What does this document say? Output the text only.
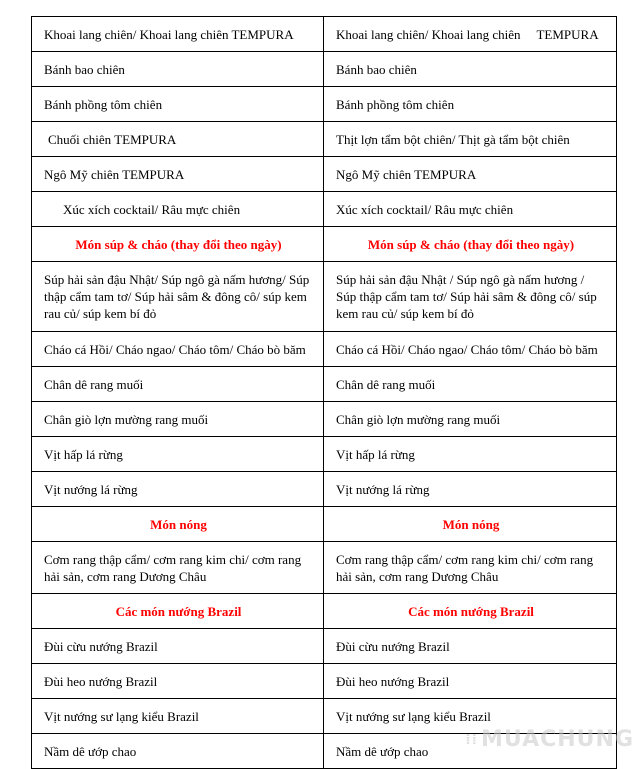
Khoai lang chiên/ Khoai lang chiên TEMPURA	Khoai lang chiên/ Khoai lang chiên     TEMPURA
Bánh bao chiên	Bánh bao chiên
Bánh phồng tôm chiên	Bánh phồng tôm chiên
Chuối chiên TEMPURA	Thịt lợn tẩm bột chiên/ Thịt gà tẩm bột chiên
Ngô Mỹ chiên TEMPURA	Ngô Mỹ chiên TEMPURA
Xúc xích cocktail/ Râu mực chiên	Xúc xích cocktail/ Râu mực chiên
Món súp & cháo (thay đổi theo ngày)	Món súp & cháo (thay đổi theo ngày)
Súp hải sản đậu Nhật/ Súp ngô gà nấm hương/ Súp thập cẩm tam tơ/ Súp hải sâm & đông cô/ súp kem rau củ/ súp kem bí đỏ	Súp hải sản đậu Nhật / Súp ngô gà nấm hương / Súp thập cẩm tam tơ/ Súp hải sâm & đông cô/ súp kem rau củ/ súp kem bí đỏ
Cháo cá Hồi/ Cháo ngao/ Cháo tôm/ Cháo bò băm	Cháo cá Hồi/ Cháo ngao/ Cháo tôm/ Cháo bò băm
Chân dê rang muối	Chân dê rang muối
Chân giò lợn mường rang muối	Chân giò lợn mường rang muối
Vịt hấp lá rừng	Vịt hấp lá rừng
Vịt nướng lá rừng	Vịt nướng lá rừng
Món nóng	Món nóng
Cơm rang thập cẩm/ cơm rang kim chi/ cơm rang hải sản, cơm rang Dương Châu	Cơm rang thập cẩm/ cơm rang kim chi/ cơm rang hải sản, cơm rang Dương Châu
Các món nướng Brazil	Các món nướng Brazil
Đùi cừu nướng Brazil	Đùi cừu nướng Brazil
Đùi heo nướng Brazil	Đùi heo nướng Brazil
Vịt nướng sư lạng kiểu Brazil	Vịt nướng sư lạng kiểu Brazil
Nầm dê ướp chao	Nầm dê ướp chao
⁞⁞ MUACHUNG
